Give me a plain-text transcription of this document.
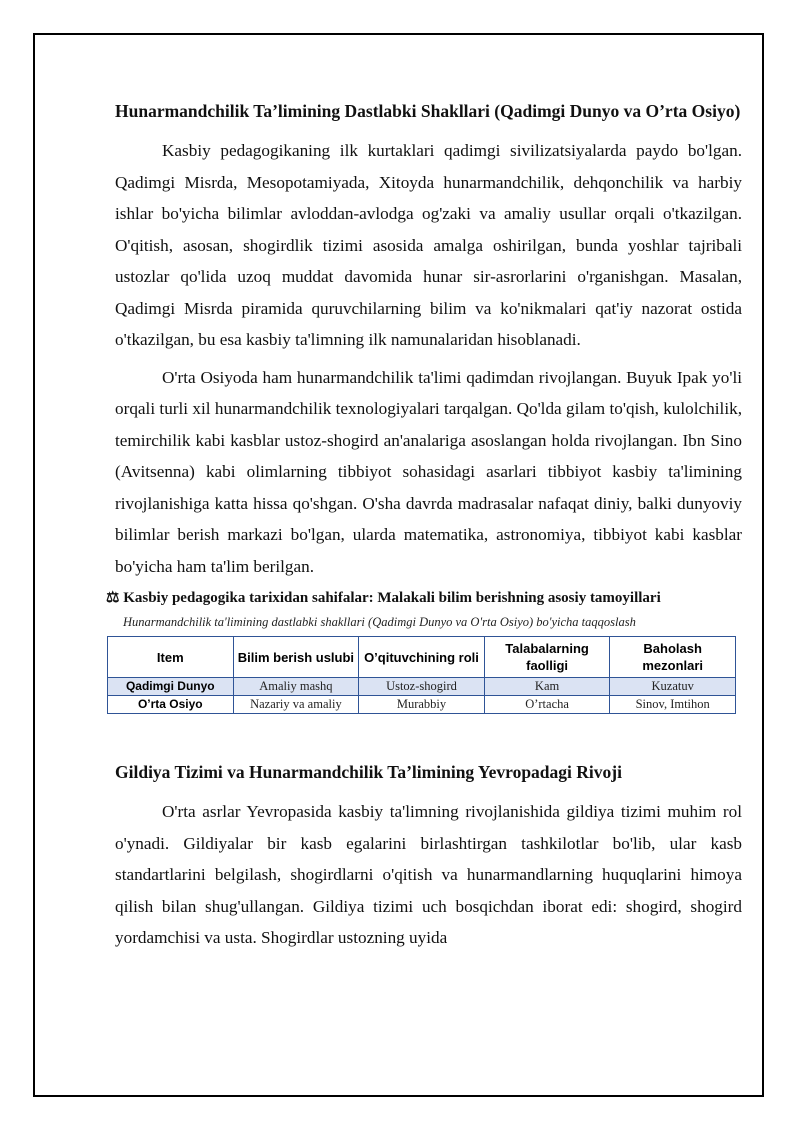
Hunarmandchilik Ta’limining Dastlabki Shakllari (Qadimgi Dunyo va O’rta Osiyo)

Kasbiy pedagogikaning ilk kurtaklari qadimgi sivilizatsiyalarda paydo bo'lgan. Qadimgi Misrda, Mesopotamiyada, Xitoyda hunarmandchilik, dehqonchilik va harbiy ishlar bo'yicha bilimlar avloddan-avlodga og'zaki va amaliy usullar orqali o'tkazilgan. O'qitish, asosan, shogirdlik tizimi asosida amalga oshirilgan, bunda yoshlar tajribali ustozlar qo'lida uzoq muddat davomida hunar sir-asrorlarini o'rganishgan. Masalan, Qadimgi Misrda piramida quruvchilarning bilim va ko'nikmalari qat'iy nazorat ostida o'tkazilgan, bu esa kasbiy ta'limning ilk namunalaridan hisoblanadi.

O'rta Osiyoda ham hunarmandchilik ta'limi qadimdan rivojlangan. Buyuk Ipak yo'li orqali turli xil hunarmandchilik texnologiyalari tarqalgan. Qo'lda gilam to'qish, kulolchilik, temirchilik kabi kasblar ustoz-shogird an'analariga asoslangan holda rivojlangan. Ibn Sino (Avitsenna) kabi olimlarning tibbiyot sohasidagi asarlari tibbiyot kasbiy ta'limining rivojlanishiga katta hissa qo'shgan. O'sha davrda madrasalar nafaqat diniy, balki dunyoviy bilimlar berish markazi bo'lgan, ularda matematika, astronomiya, tibbiyot kabi kasblar bo'yicha ham ta'lim berilgan.

⚖ Kasbiy pedagogika tarixidan sahifalar: Malakali bilim berishning asosiy tamoyillari
Hunarmandchilik ta'limining dastlabki shakllari (Qadimgi Dunyo va O'rta Osiyo) bo'yicha taqqoslash
Item	Bilim berish uslubi	O’qituvchining roli	Talabalarning faolligi	Baholash mezonlari
Qadimgi Dunyo	Amaliy mashq	Ustoz-shogird	Kam	Kuzatuv
O’rta Osiyo	Nazariy va amaliy	Murabbiy	O’rtacha	Sinov, Imtihon
Gildiya Tizimi va Hunarmandchilik Ta’limining Yevropadagi Rivoji

O'rta asrlar Yevropasida kasbiy ta'limning rivojlanishida gildiya tizimi muhim rol o'ynadi. Gildiyalar bir kasb egalarini birlashtirgan tashkilotlar bo'lib, ular kasb standartlarini belgilash, shogirdlarni o'qitish va hunarmandlarning huquqlarini himoya qilish bilan shug'ullangan. Gildiya tizimi uch bosqichdan iborat edi: shogird, shogird yordamchisi va usta. Shogirdlar ustozning uyida
